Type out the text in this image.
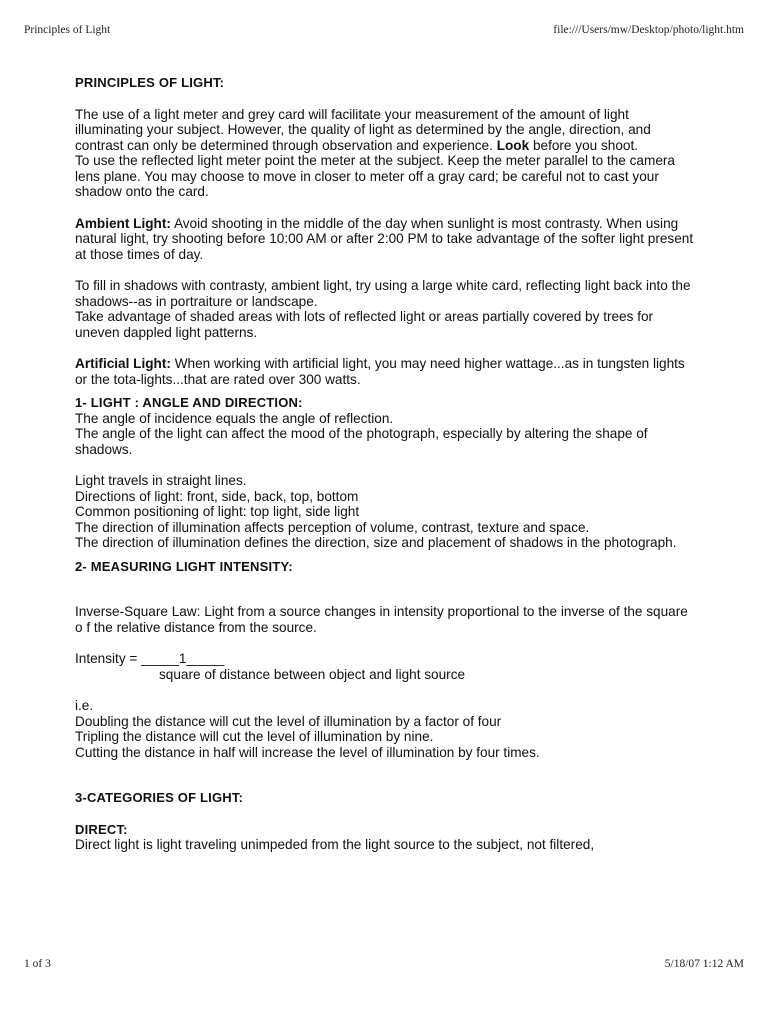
Principles of Light	file:///Users/mw/Desktop/photo/light.htm

PRINCIPLES OF LIGHT:

The use of a light meter and grey card will facilitate your measurement of the amount of light illuminating your subject. However, the quality of light as determined by the angle, direction, and contrast can only be determined through observation and experience. Look before you shoot.

To use the reflected light meter point the meter at the subject. Keep the meter parallel to the camera lens plane. You may choose to move in closer to meter off a gray card; be careful not to cast your shadow onto the card.

Ambient Light: Avoid shooting in the middle of the day when sunlight is most contrasty. When using natural light, try shooting before 10:00 AM or after 2:00 PM to take advantage of the softer light present at those times of day.

To fill in shadows with contrasty, ambient light, try using a large white card, reflecting light back into the shadows--as in portraiture or landscape.

Take advantage of shaded areas with lots of reflected light or areas partially covered by trees for uneven dappled light patterns.

Artificial Light: When working with artificial light, you may need higher wattage...as in tungsten lights or the tota-lights...that are rated over 300 watts.

1- LIGHT : ANGLE AND DIRECTION:

The angle of incidence equals the angle of reflection.

The angle of the light can affect the mood of the photograph, especially by altering the shape of shadows.

Light travels in straight lines.

Directions of light: front, side, back, top, bottom

Common positioning of light: top light, side light

The direction of illumination affects perception of volume, contrast, texture and space.

The direction of illumination defines the direction, size and placement of shadows in the photograph.

2- MEASURING LIGHT INTENSITY:

Inverse-Square Law: Light from a source changes in intensity proportional to the inverse of the square o f the relative distance from the source.

Intensity = _____1_____

square of distance between object and light source

i.e.

Doubling the distance will cut the level of illumination by a factor of four

Tripling the distance will cut the level of illumination by nine.

Cutting the distance in half will increase the level of illumination by four times.

3-CATEGORIES OF LIGHT:

DIRECT:

Direct light is light traveling unimpeded from the light source to the subject, not filtered,

1 of 3	5/18/07 1:12 AM
